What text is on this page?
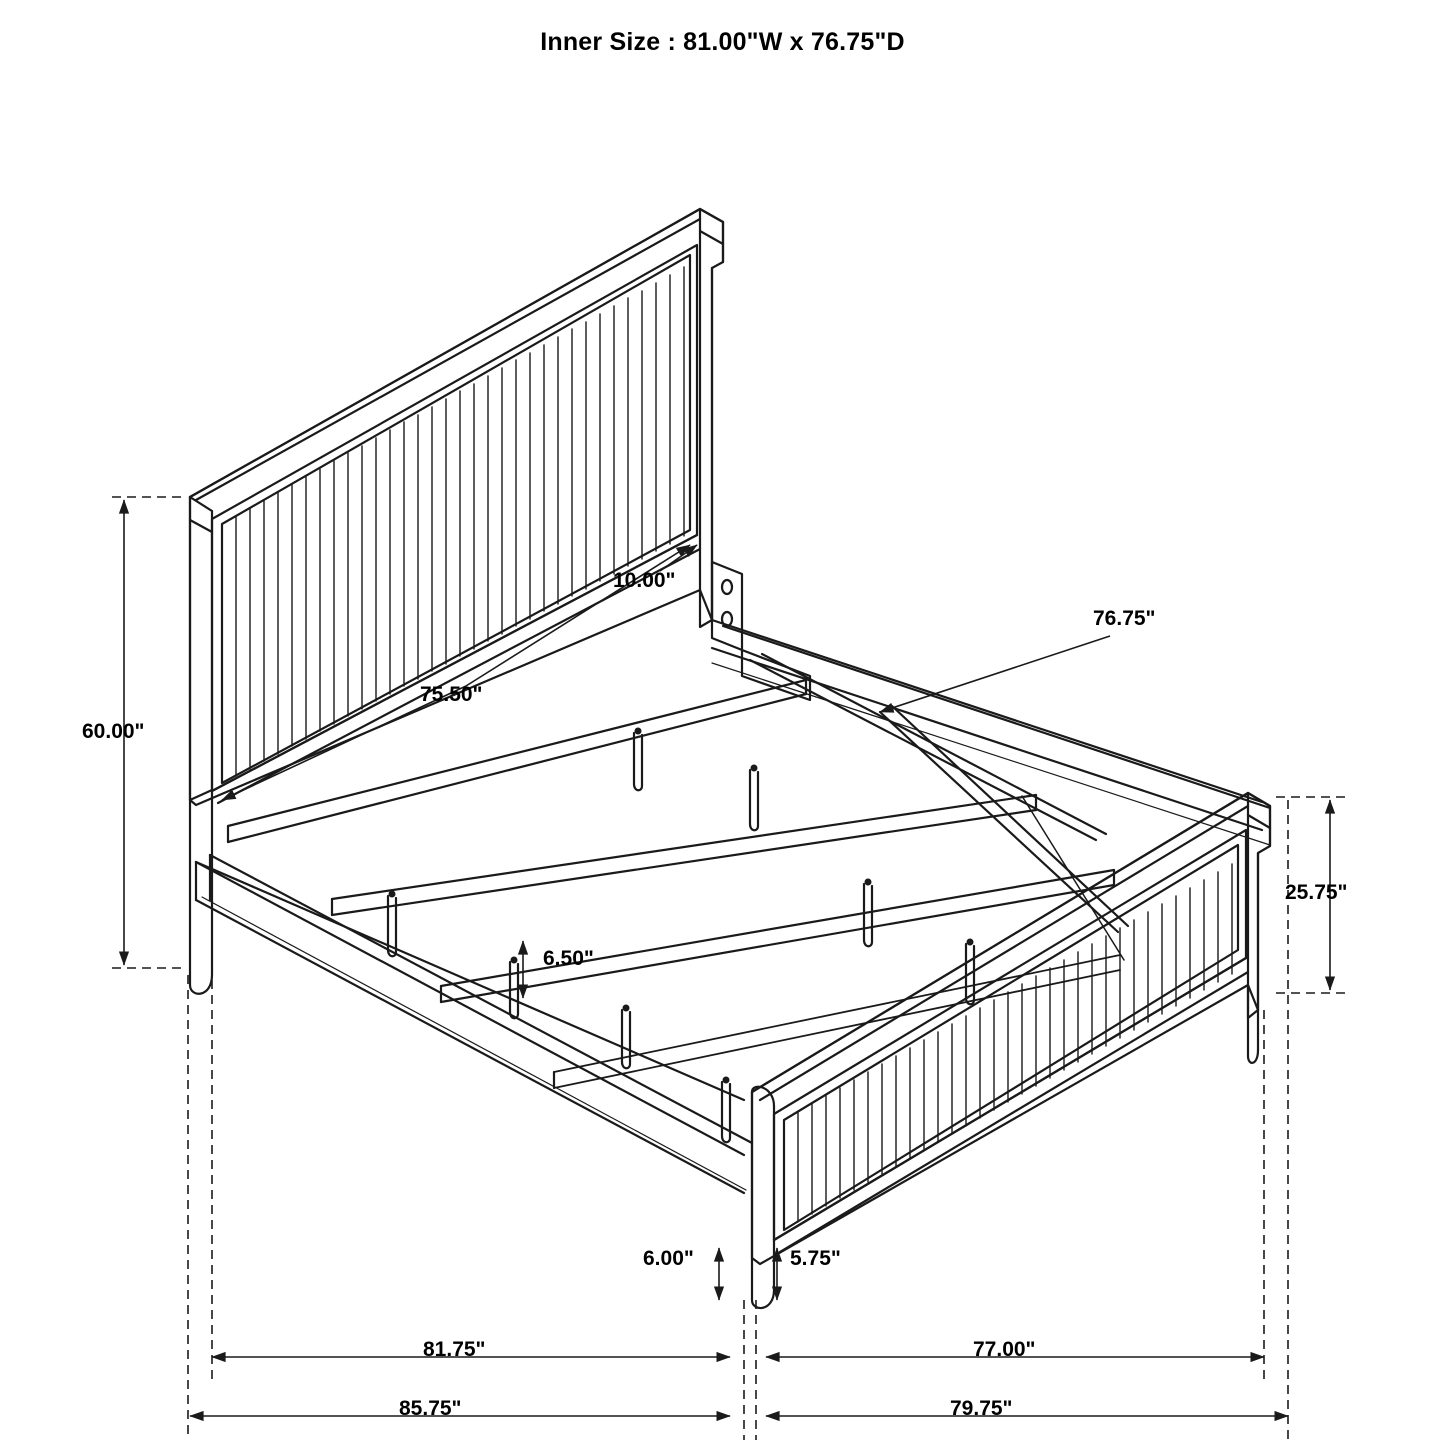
Inner Size : 81.00"W x 76.75"D
60.00"
10.00"
75.50"
76.75"
6.50"
25.75"
6.00"	5.75"
81.75"	77.00"
85.75"	79.75"
